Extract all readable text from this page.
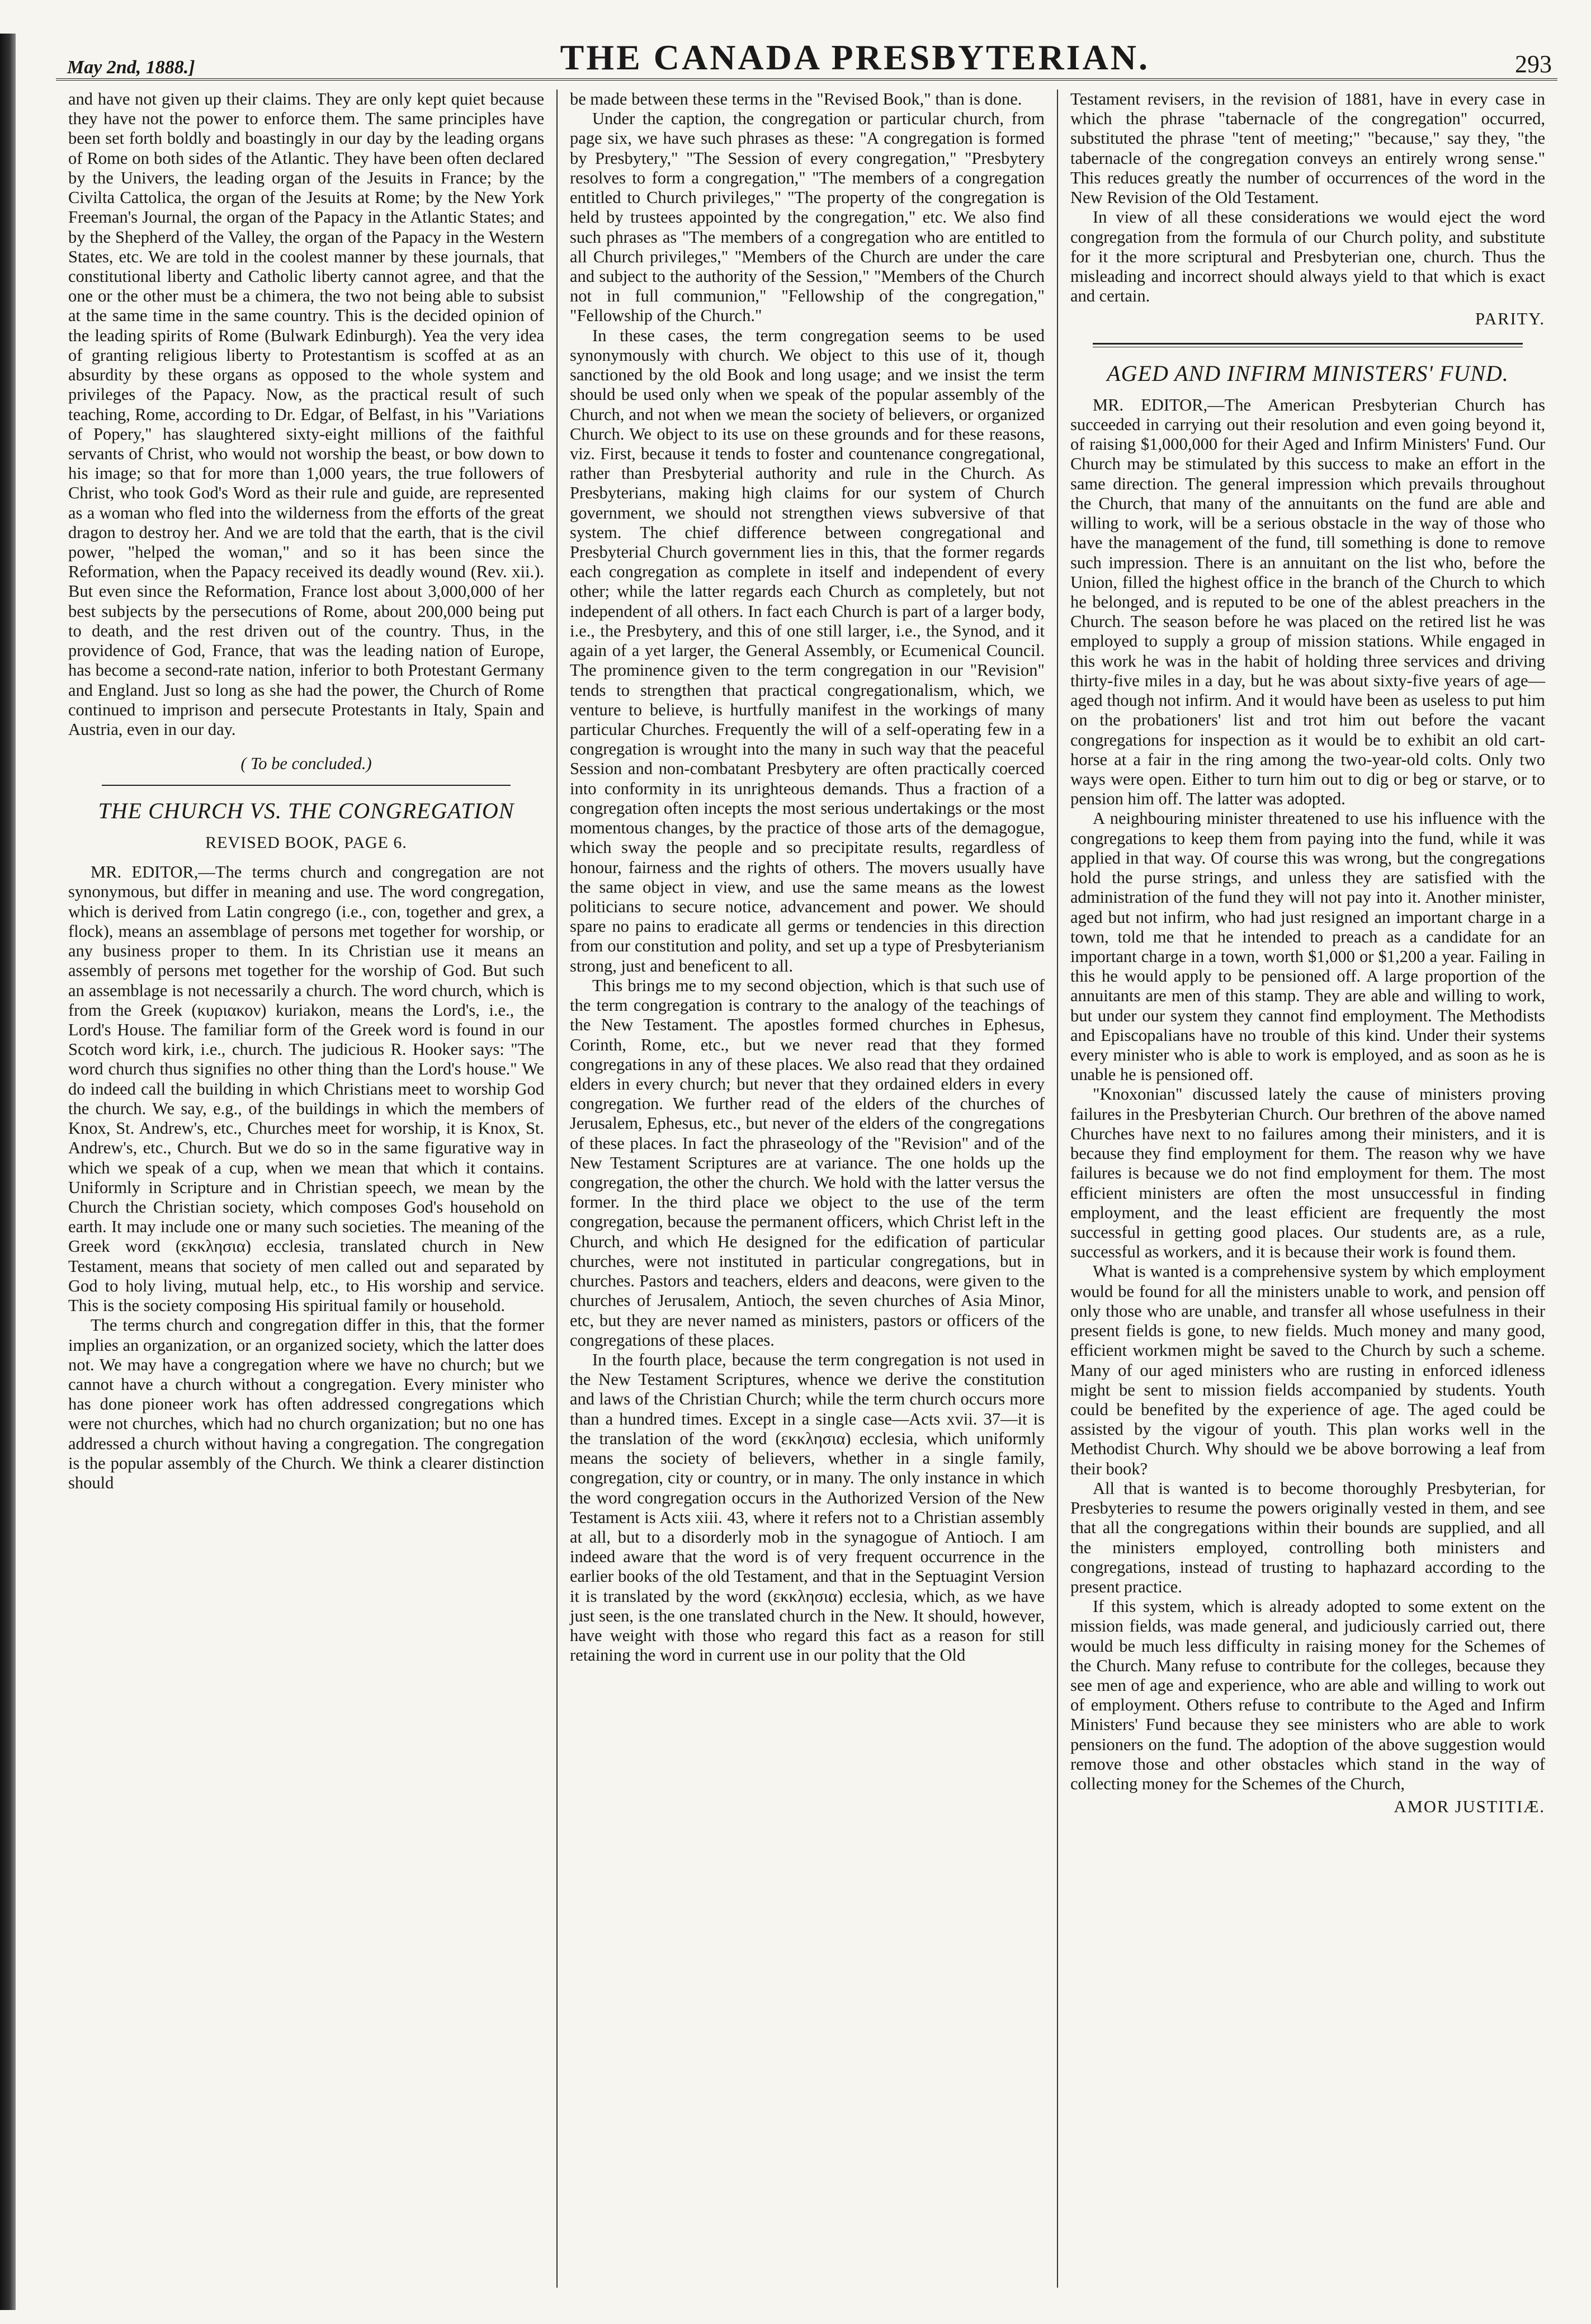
May 2nd, 1888.]	THE CANADA PRESBYTERIAN.	293

and have not given up their claims. They are only kept quiet because they have not the power to enforce them. The same principles have been set forth boldly and boastingly in our day by the leading organs of Rome on both sides of the Atlantic. They have been often declared by the Univers, the leading organ of the Jesuits in France; by the Civilta Cattolica, the organ of the Jesuits at Rome; by the New York Freeman's Journal, the organ of the Papacy in the Atlantic States; and by the Shepherd of the Valley, the organ of the Papacy in the Western States, etc. We are told in the coolest manner by these journals, that constitutional liberty and Catholic liberty cannot agree, and that the one or the other must be a chimera, the two not being able to subsist at the same time in the same country. This is the decided opinion of the leading spirits of Rome (Bulwark Edinburgh). Yea the very idea of granting religious liberty to Protestantism is scoffed at as an absurdity by these organs as opposed to the whole system and privileges of the Papacy. Now, as the practical result of such teaching, Rome, according to Dr. Edgar, of Belfast, in his "Variations of Popery," has slaughtered sixty-eight millions of the faithful servants of Christ, who would not worship the beast, or bow down to his image; so that for more than 1,000 years, the true followers of Christ, who took God's Word as their rule and guide, are represented as a woman who fled into the wilderness from the efforts of the great dragon to destroy her. And we are told that the earth, that is the civil power, "helped the woman," and so it has been since the Reformation, when the Papacy received its deadly wound (Rev. xii.). But even since the Reformation, France lost about 3,000,000 of her best subjects by the persecutions of Rome, about 200,000 being put to death, and the rest driven out of the country. Thus, in the providence of God, France, that was the leading nation of Europe, has become a second-rate nation, inferior to both Protestant Germany and England. Just so long as she had the power, the Church of Rome continued to imprison and persecute Protestants in Italy, Spain and Austria, even in our day.

( To be concluded.)
THE CHURCH VS. THE CONGREGATION
REVISED BOOK, PAGE 6.

MR. EDITOR,—The terms church and congregation are not synonymous, but differ in meaning and use. The word congregation, which is derived from Latin congrego (i.e., con, together and grex, a flock), means an assemblage of persons met together for worship, or any business proper to them. In its Christian use it means an assembly of persons met together for the worship of God. But such an assemblage is not necessarily a church. The word church, which is from the Greek (κυριακον) kuriakon, means the Lord's, i.e., the Lord's House. The familiar form of the Greek word is found in our Scotch word kirk, i.e., church. The judicious R. Hooker says: "The word church thus signifies no other thing than the Lord's house." We do indeed call the building in which Christians meet to worship God the church. We say, e.g., of the buildings in which the members of Knox, St. Andrew's, etc., Churches meet for worship, it is Knox, St. Andrew's, etc., Church. But we do so in the same figurative way in which we speak of a cup, when we mean that which it contains. Uniformly in Scripture and in Christian speech, we mean by the Church the Christian society, which composes God's household on earth. It may include one or many such societies. The meaning of the Greek word (εκκλησια) ecclesia, translated church in New Testament, means that society of men called out and separated by God to holy living, mutual help, etc., to His worship and service. This is the society composing His spiritual family or household.

The terms church and congregation differ in this, that the former implies an organization, or an organized society, which the latter does not. We may have a congregation where we have no church; but we cannot have a church without a congregation. Every minister who has done pioneer work has often addressed congregations which were not churches, which had no church organization; but no one has addressed a church without having a congregation. The congregation is the popular assembly of the Church. We think a clearer distinction should

be made between these terms in the "Revised Book," than is done.

Under the caption, the congregation or particular church, from page six, we have such phrases as these: "A congregation is formed by Presbytery," "The Session of every congregation," "Presbytery resolves to form a congregation," "The members of a congregation entitled to Church privileges," "The property of the congregation is held by trustees appointed by the congregation," etc. We also find such phrases as "The members of a congregation who are entitled to all Church privileges," "Members of the Church are under the care and subject to the authority of the Session," "Members of the Church not in full communion," "Fellowship of the congregation," "Fellowship of the Church."

In these cases, the term congregation seems to be used synonymously with church. We object to this use of it, though sanctioned by the old Book and long usage; and we insist the term should be used only when we speak of the popular assembly of the Church, and not when we mean the society of believers, or organized Church. We object to its use on these grounds and for these reasons, viz. First, because it tends to foster and countenance congregational, rather than Presbyterial authority and rule in the Church. As Presbyterians, making high claims for our system of Church government, we should not strengthen views subversive of that system. The chief difference between congregational and Presbyterial Church government lies in this, that the former regards each congregation as complete in itself and independent of every other; while the latter regards each Church as completely, but not independent of all others. In fact each Church is part of a larger body, i.e., the Presbytery, and this of one still larger, i.e., the Synod, and it again of a yet larger, the General Assembly, or Ecumenical Council. The prominence given to the term congregation in our "Revision" tends to strengthen that practical congregationalism, which, we venture to believe, is hurtfully manifest in the workings of many particular Churches. Frequently the will of a self-operating few in a congregation is wrought into the many in such way that the peaceful Session and non-combatant Presbytery are often practically coerced into conformity in its unrighteous demands. Thus a fraction of a congregation often incepts the most serious undertakings or the most momentous changes, by the practice of those arts of the demagogue, which sway the people and so precipitate results, regardless of honour, fairness and the rights of others. The movers usually have the same object in view, and use the same means as the lowest politicians to secure notice, advancement and power. We should spare no pains to eradicate all germs or tendencies in this direction from our constitution and polity, and set up a type of Presbyterianism strong, just and beneficent to all.

This brings me to my second objection, which is that such use of the term congregation is contrary to the analogy of the teachings of the New Testament. The apostles formed churches in Ephesus, Corinth, Rome, etc., but we never read that they formed congregations in any of these places. We also read that they ordained elders in every church; but never that they ordained elders in every congregation. We further read of the elders of the churches of Jerusalem, Ephesus, etc., but never of the elders of the congregations of these places. In fact the phraseology of the "Revision" and of the New Testament Scriptures are at variance. The one holds up the congregation, the other the church. We hold with the latter versus the former. In the third place we object to the use of the term congregation, because the permanent officers, which Christ left in the Church, and which He designed for the edification of particular churches, were not instituted in particular congregations, but in churches. Pastors and teachers, elders and deacons, were given to the churches of Jerusalem, Antioch, the seven churches of Asia Minor, etc, but they are never named as ministers, pastors or officers of the congregations of these places.

In the fourth place, because the term congregation is not used in the New Testament Scriptures, whence we derive the constitution and laws of the Christian Church; while the term church occurs more than a hundred times. Except in a single case—Acts xvii. 37—it is the translation of the word (εκκλησια) ecclesia, which uniformly means the society of believers, whether in a single family, congregation, city or country, or in many. The only instance in which the word congregation occurs in the Authorized Version of the New Testament is Acts xiii. 43, where it refers not to a Christian assembly at all, but to a disorderly mob in the synagogue of Antioch. I am indeed aware that the word is of very frequent occurrence in the earlier books of the old Testament, and that in the Septuagint Version it is translated by the word (εκκλησια) ecclesia, which, as we have just seen, is the one translated church in the New. It should, however, have weight with those who regard this fact as a reason for still retaining the word in current use in our polity that the Old

Testament revisers, in the revision of 1881, have in every case in which the phrase "tabernacle of the congregation" occurred, substituted the phrase "tent of meeting;" "because," say they, "the tabernacle of the congregation conveys an entirely wrong sense." This reduces greatly the number of occurrences of the word in the New Revision of the Old Testament.

In view of all these considerations we would eject the word congregation from the formula of our Church polity, and substitute for it the more scriptural and Presbyterian one, church. Thus the misleading and incorrect should always yield to that which is exact and certain.

PARITY.
AGED AND INFIRM MINISTERS' FUND.

MR. EDITOR,—The American Presbyterian Church has succeeded in carrying out their resolution and even going beyond it, of raising $1,000,000 for their Aged and Infirm Ministers' Fund. Our Church may be stimulated by this success to make an effort in the same direction. The general impression which prevails throughout the Church, that many of the annuitants on the fund are able and willing to work, will be a serious obstacle in the way of those who have the management of the fund, till something is done to remove such impression. There is an annuitant on the list who, before the Union, filled the highest office in the branch of the Church to which he belonged, and is reputed to be one of the ablest preachers in the Church. The season before he was placed on the retired list he was employed to supply a group of mission stations. While engaged in this work he was in the habit of holding three services and driving thirty-five miles in a day, but he was about sixty-five years of age—aged though not infirm. And it would have been as useless to put him on the probationers' list and trot him out before the vacant congregations for inspection as it would be to exhibit an old cart-horse at a fair in the ring among the two-year-old colts. Only two ways were open. Either to turn him out to dig or beg or starve, or to pension him off. The latter was adopted.

A neighbouring minister threatened to use his influence with the congregations to keep them from paying into the fund, while it was applied in that way. Of course this was wrong, but the congregations hold the purse strings, and unless they are satisfied with the administration of the fund they will not pay into it. Another minister, aged but not infirm, who had just resigned an important charge in a town, told me that he intended to preach as a candidate for an important charge in a town, worth $1,000 or $1,200 a year. Failing in this he would apply to be pensioned off. A large proportion of the annuitants are men of this stamp. They are able and willing to work, but under our system they cannot find employment. The Methodists and Episcopalians have no trouble of this kind. Under their systems every minister who is able to work is employed, and as soon as he is unable he is pensioned off.

"Knoxonian" discussed lately the cause of ministers proving failures in the Presbyterian Church. Our brethren of the above named Churches have next to no failures among their ministers, and it is because they find employment for them. The reason why we have failures is because we do not find employment for them. The most efficient ministers are often the most unsuccessful in finding employment, and the least efficient are frequently the most successful in getting good places. Our students are, as a rule, successful as workers, and it is because their work is found them.

What is wanted is a comprehensive system by which employment would be found for all the ministers unable to work, and pension off only those who are unable, and transfer all whose usefulness in their present fields is gone, to new fields. Much money and many good, efficient workmen might be saved to the Church by such a scheme. Many of our aged ministers who are rusting in enforced idleness might be sent to mission fields accompanied by students. Youth could be benefited by the experience of age. The aged could be assisted by the vigour of youth. This plan works well in the Methodist Church. Why should we be above borrowing a leaf from their book?

All that is wanted is to become thoroughly Presbyterian, for Presbyteries to resume the powers originally vested in them, and see that all the congregations within their bounds are supplied, and all the ministers employed, controlling both ministers and congregations, instead of trusting to haphazard according to the present practice.

If this system, which is already adopted to some extent on the mission fields, was made general, and judiciously carried out, there would be much less difficulty in raising money for the Schemes of the Church. Many refuse to contribute for the colleges, because they see men of age and experience, who are able and willing to work out of employment. Others refuse to contribute to the Aged and Infirm Ministers' Fund because they see ministers who are able to work pensioners on the fund. The adoption of the above suggestion would remove those and other obstacles which stand in the way of collecting money for the Schemes of the Church,

AMOR JUSTITIÆ.
